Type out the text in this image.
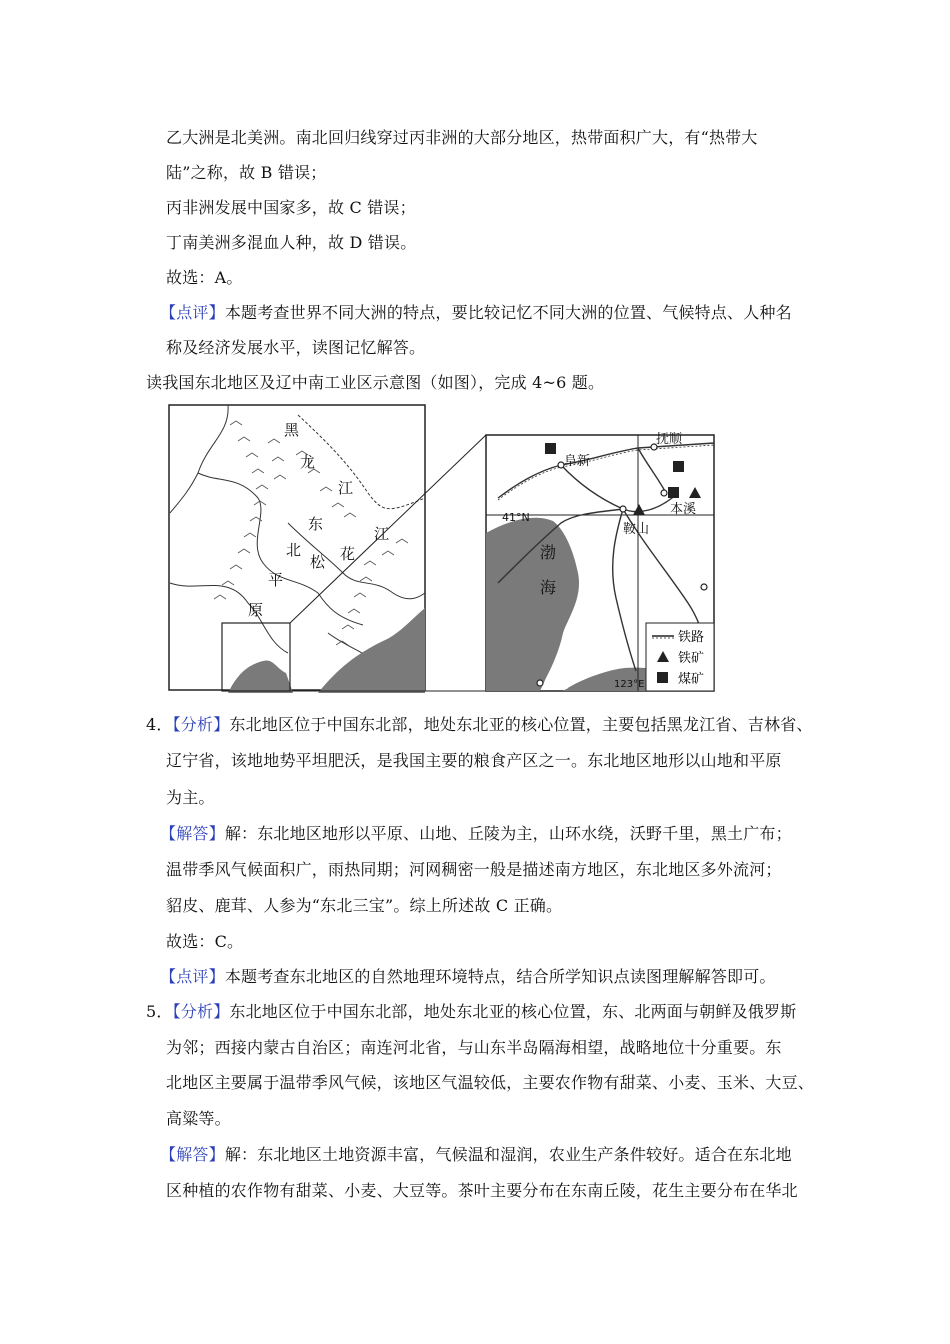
乙大洲是北美洲。南北回归线穿过丙非洲的大部分地区，热带面积广大，有“热带大
陆”之称，故 B 错误；
丙非洲发展中国家多，故 C 错误；
丁南美洲多混血人种，故 D 错误。
故选：A。
【点评】本题考查世界不同大洲的特点，要比较记忆不同大洲的位置、气候特点、人种名
称及经济发展水平，读图记忆解答。
读我国东北地区及辽中南工业区示意图（如图），完成 4~6 题。
黑
龙
江
东
北
平
原
松 花
江
阜新
抚顺
本溪
鞍山
41°N
渤
海
大连	123°E
铁路
铁矿
煤矿
4．【分析】东北地区位于中国东北部，地处东北亚的核心位置，主要包括黑龙江省、吉林省、
辽宁省，该地地势平坦肥沃，是我国主要的粮食产区之一。东北地区地形以山地和平原
为主。
【解答】解：东北地区地形以平原、山地、丘陵为主，山环水绕，沃野千里，黑土广布；
温带季风气候面积广，雨热同期；河网稠密一般是描述南方地区，东北地区多外流河；
貂皮、鹿茸、人参为“东北三宝”。综上所述故 C 正确。
故选：C。
【点评】本题考查东北地区的自然地理环境特点，结合所学知识点读图理解解答即可。
5．【分析】东北地区位于中国东北部，地处东北亚的核心位置，东、北两面与朝鲜及俄罗斯
为邻；西接内蒙古自治区；南连河北省，与山东半岛隔海相望，战略地位十分重要。东
北地区主要属于温带季风气候，该地区气温较低，主要农作物有甜菜、小麦、玉米、大豆、
高粱等。
【解答】解：东北地区土地资源丰富，气候温和湿润，农业生产条件较好。适合在东北地
区种植的农作物有甜菜、小麦、大豆等。茶叶主要分布在东南丘陵，花生主要分布在华北
